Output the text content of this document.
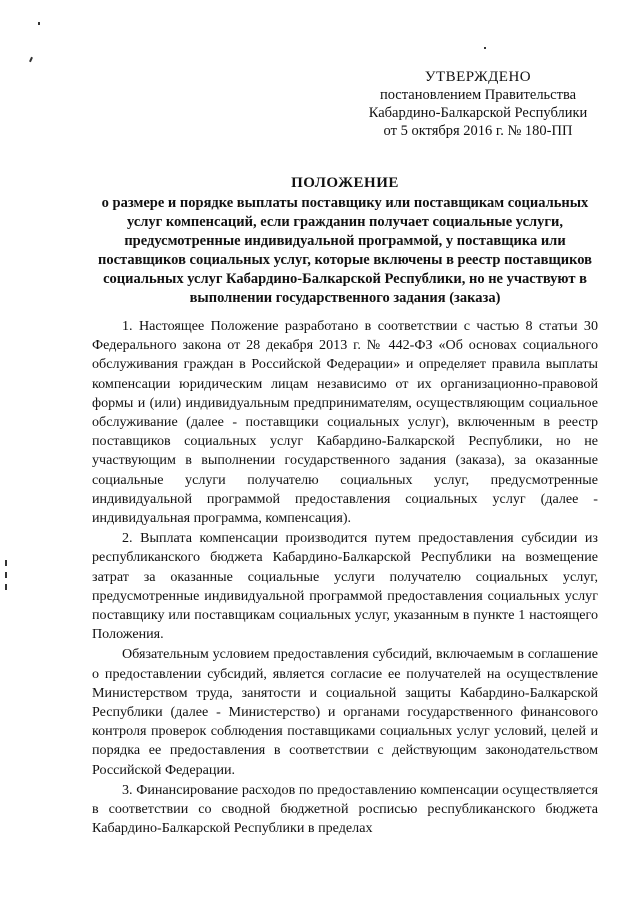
УТВЕРЖДЕНО
постановлением Правительства
Кабардино-Балкарской Республики
от 5 октября 2016 г. № 180-ПП
ПОЛОЖЕНИЕ
о размере и порядке выплаты поставщику или поставщикам социальных услуг компенсаций, если гражданин получает социальные услуги, предусмотренные индивидуальной программой, у поставщика или поставщиков социальных услуг, которые включены в реестр поставщиков социальных услуг Кабардино-Балкарской Республики, но не участвуют в выполнении государственного задания (заказа)

1. Настоящее Положение разработано в соответствии с частью 8 статьи 30 Федерального закона от 28 декабря 2013 г. № 442-ФЗ «Об основах социального обслуживания граждан в Российской Федерации» и определяет правила выплаты компенсации юридическим лицам независимо от их организационно-правовой формы и (или) индивидуальным предпринимателям, осуществляющим социальное обслуживание (далее - поставщики социальных услуг), включенным в реестр поставщиков социальных услуг Кабардино-Балкарской Республики, но не участвующим в выполнении государственного задания (заказа), за оказанные социальные услуги получателю социальных услуг, предусмотренные индивидуальной программой предоставления социальных услуг (далее - индивидуальная программа, компенсация).

2. Выплата компенсации производится путем предоставления субсидии из республиканского бюджета Кабардино-Балкарской Республики на возмещение затрат за оказанные социальные услуги получателю социальных услуг, предусмотренные индивидуальной программой предоставления социальных услуг поставщику или поставщикам социальных услуг, указанным в пункте 1 настоящего Положения.

Обязательным условием предоставления субсидий, включаемым в соглашение о предоставлении субсидий, является согласие ее получателей на осуществление Министерством труда, занятости и социальной защиты Кабардино-Балкарской Республики (далее - Министерство) и органами государственного финансового контроля проверок соблюдения поставщиками социальных услуг условий, целей и порядка ее предоставления в соответствии с действующим законодательством Российской Федерации.

3. Финансирование расходов по предоставлению компенсации осуществляется в соответствии со сводной бюджетной росписью республиканского бюджета Кабардино-Балкарской Республики в пределах
